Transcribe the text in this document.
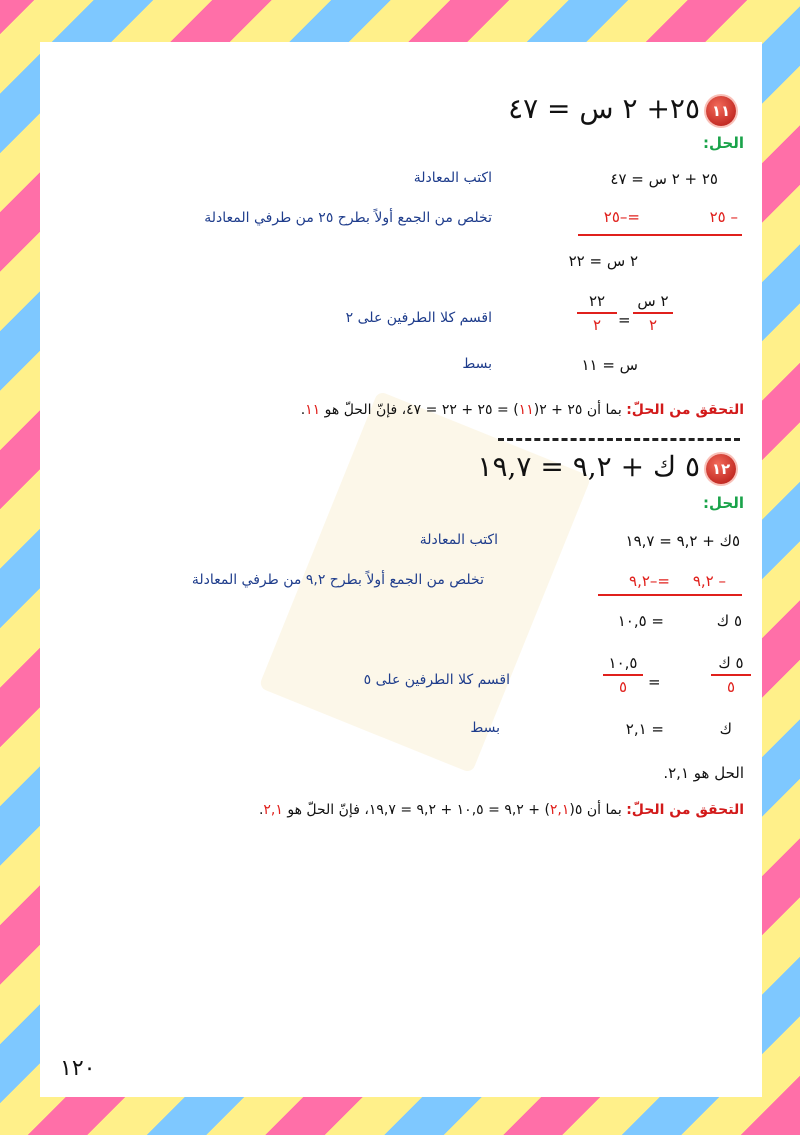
١١
٢٥+ ٢ س = ٤٧
الحل:
٢٥ + ٢ س = ٤٧
اكتب المعادلة
– ٢٥
=–٢٥
تخلص من الجمع أولاً بطرح ٢٥ من طرفي المعادلة
٢ س = ٢٢
٢ س
٢
=
٢٢
٢
اقسم كلا الطرفين على ٢
س = ١١
بسط
التحقق من الحلّ: بما أن ٢٥ + ٢(١١) = ٢٥ + ٢٢ = ٤٧، فإنّ الحلّ هو ١١.
١٢
٥ ك + ٩,٢ = ١٩,٧
الحل:
٥ك + ٩,٢ = ١٩,٧
اكتب المعادلة
– ٩,٢
=–٩,٢
تخلص من الجمع أولاً بطرح ٩,٢ من طرفي المعادلة
٥ ك
= ١٠,٥
٥ ك
٥
=
١٠,٥
٥
اقسم كلا الطرفين على ٥
ك
= ٢,١
بسط
الحل هو ٢,١.
التحقق من الحلّ: بما أن ٥(٢,١) + ٩,٢ = ١٠,٥ + ٩,٢ = ١٩,٧، فإنّ الحلّ هو ٢,١.
١٢٠
